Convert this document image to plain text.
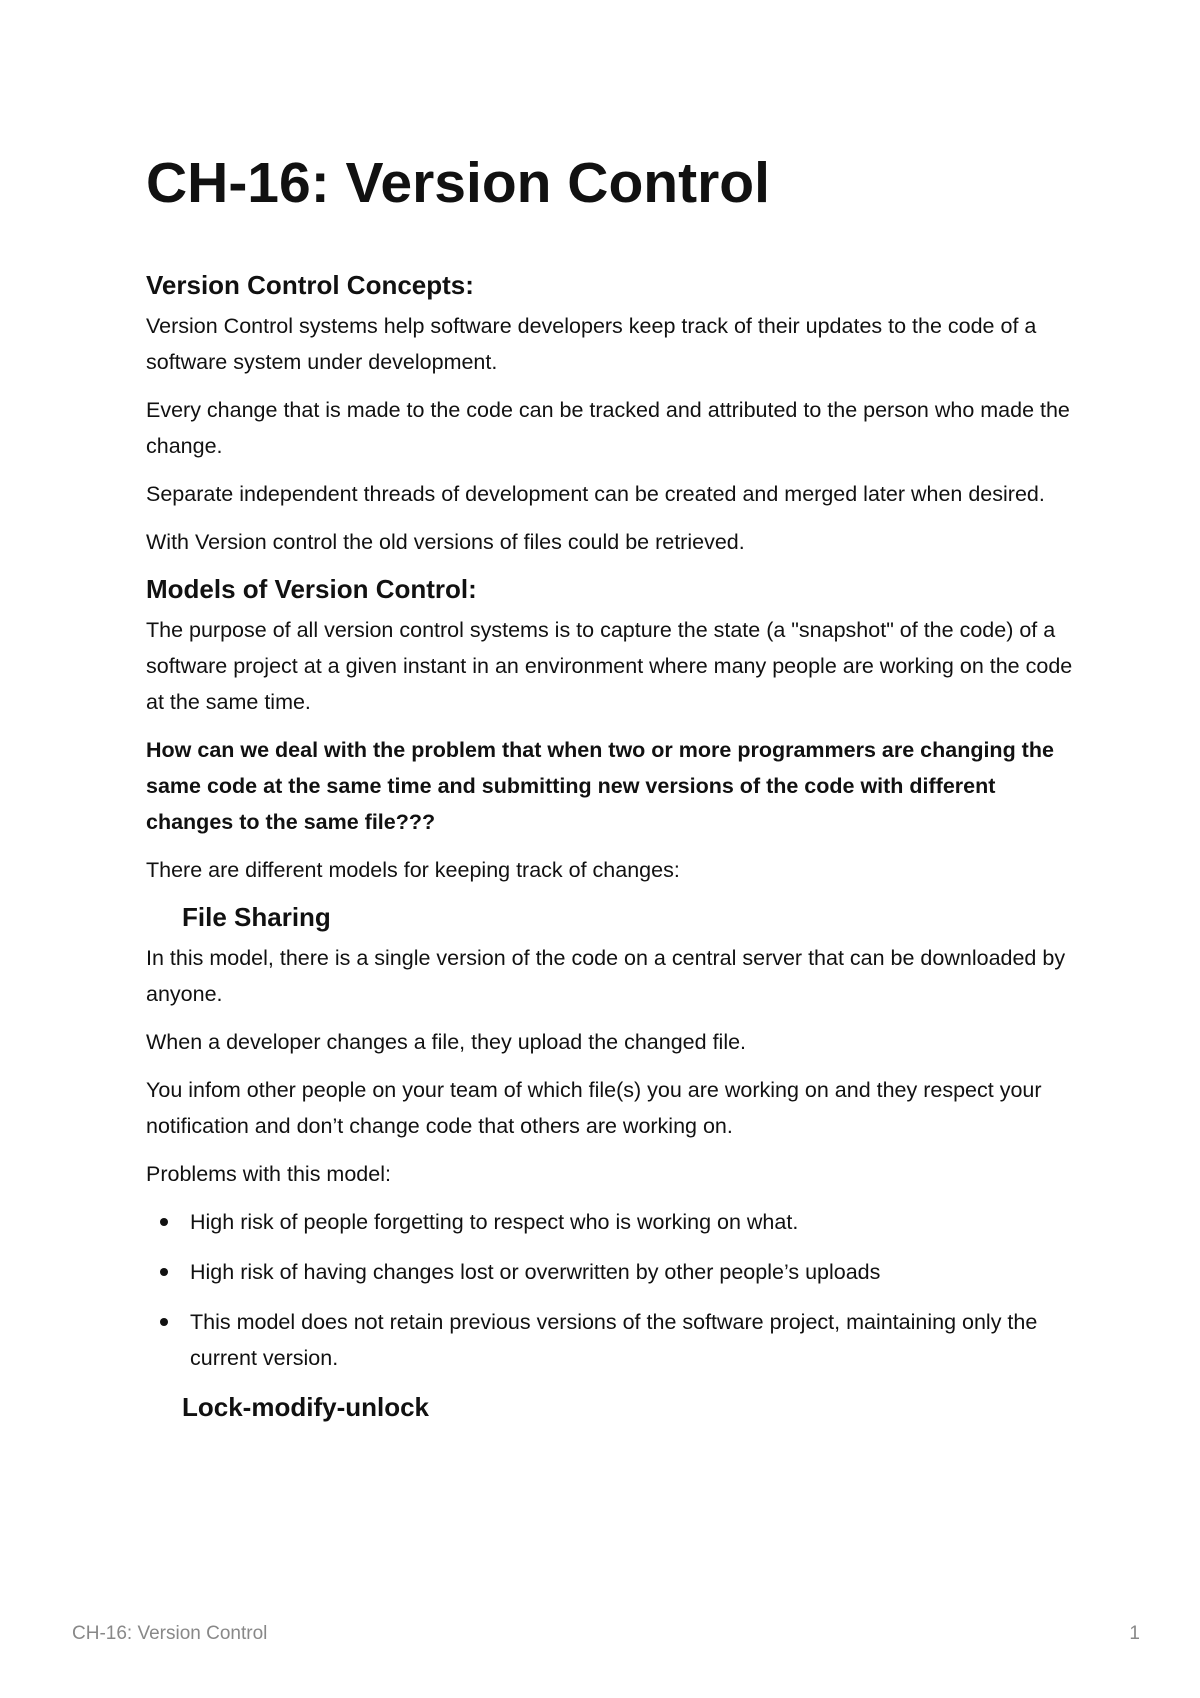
CH-16: Version Control
Version Control Concepts:

Version Control systems help software developers keep track of their updates to the code of a software system under development.

Every change that is made to the code can be tracked and attributed to the person who made the change.

Separate independent threads of development can be created and merged later when desired.

With Version control the old versions of files could be retrieved.

Models of Version Control:

The purpose of all version control systems is to capture the state (a "snapshot" of the code) of a software project at a given instant in an environment where many people are working on the code at the same time.

How can we deal with the problem that when two or more programmers are changing the same code at the same time and submitting new versions of the code with different changes to the same file???

There are different models for keeping track of changes:

File Sharing

In this model, there is a single version of the code on a central server that can be downloaded by anyone.

When a developer changes a file, they upload the changed file.

You infom other people on your team of which file(s) you are working on and they respect your notification and don’t change code that others are working on.

Problems with this model:

High risk of people forgetting to respect who is working on what.
High risk of having changes lost or overwritten by other people’s uploads
This model does not retain previous versions of the software project, maintaining only the current version.
Lock-modify-unlock
CH-16: Version Control	1
